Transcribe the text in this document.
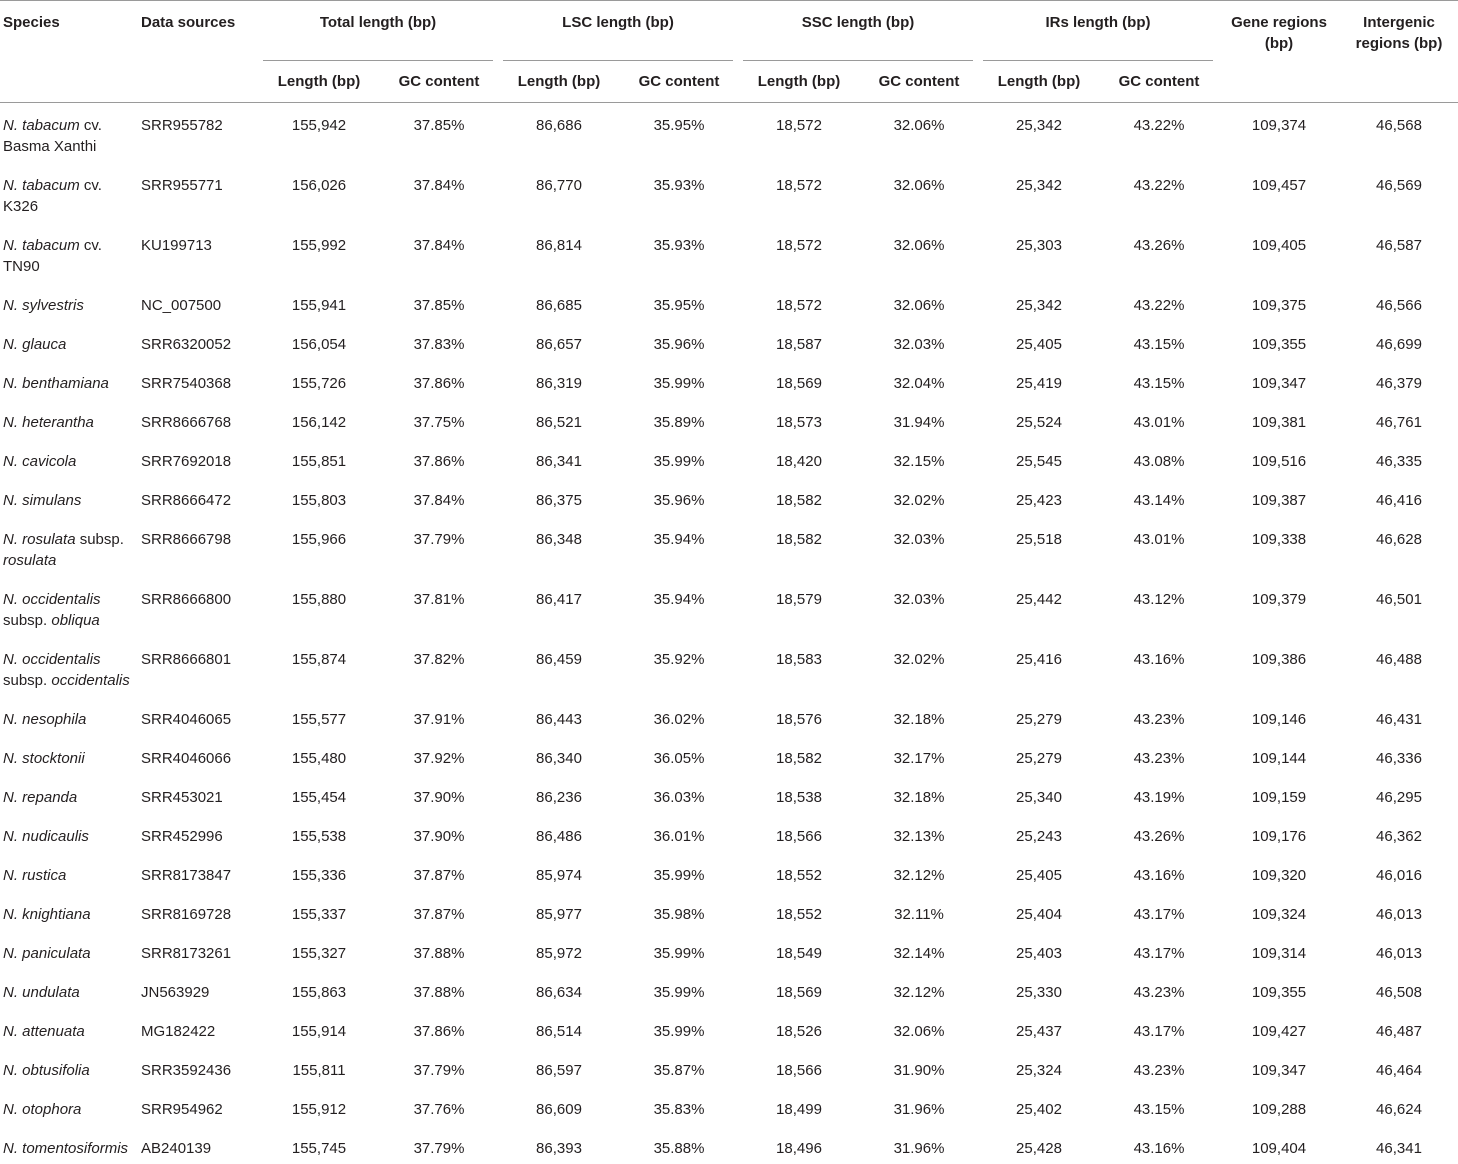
Species	Data sources	Total length (bp)		LSC length (bp)		SSC length (bp)		IRs length (bp)		Gene regions (bp)	Intergenic regions (bp)
		Length (bp)	GC content	Length (bp)	GC content	Length (bp)	GC content	Length (bp)	GC content		
N. tabacum cv. Basma Xanthi	SRR955782	155,942	37.85%	86,686	35.95%	18,572	32.06%	25,342	43.22%	109,374	46,568
N. tabacum cv. K326	SRR955771	156,026	37.84%	86,770	35.93%	18,572	32.06%	25,342	43.22%	109,457	46,569
N. tabacum cv. TN90	KU199713	155,992	37.84%	86,814	35.93%	18,572	32.06%	25,303	43.26%	109,405	46,587
N. sylvestris	NC_007500	155,941	37.85%	86,685	35.95%	18,572	32.06%	25,342	43.22%	109,375	46,566
N. glauca	SRR6320052	156,054	37.83%	86,657	35.96%	18,587	32.03%	25,405	43.15%	109,355	46,699
N. benthamiana	SRR7540368	155,726	37.86%	86,319	35.99%	18,569	32.04%	25,419	43.15%	109,347	46,379
N. heterantha	SRR8666768	156,142	37.75%	86,521	35.89%	18,573	31.94%	25,524	43.01%	109,381	46,761
N. cavicola	SRR7692018	155,851	37.86%	86,341	35.99%	18,420	32.15%	25,545	43.08%	109,516	46,335
N. simulans	SRR8666472	155,803	37.84%	86,375	35.96%	18,582	32.02%	25,423	43.14%	109,387	46,416
N. rosulata subsp. rosulata	SRR8666798	155,966	37.79%	86,348	35.94%	18,582	32.03%	25,518	43.01%	109,338	46,628
N. occidentalis subsp. obliqua	SRR8666800	155,880	37.81%	86,417	35.94%	18,579	32.03%	25,442	43.12%	109,379	46,501
N. occidentalis subsp. occidentalis	SRR8666801	155,874	37.82%	86,459	35.92%	18,583	32.02%	25,416	43.16%	109,386	46,488
N. nesophila	SRR4046065	155,577	37.91%	86,443	36.02%	18,576	32.18%	25,279	43.23%	109,146	46,431
N. stocktonii	SRR4046066	155,480	37.92%	86,340	36.05%	18,582	32.17%	25,279	43.23%	109,144	46,336
N. repanda	SRR453021	155,454	37.90%	86,236	36.03%	18,538	32.18%	25,340	43.19%	109,159	46,295
N. nudicaulis	SRR452996	155,538	37.90%	86,486	36.01%	18,566	32.13%	25,243	43.26%	109,176	46,362
N. rustica	SRR8173847	155,336	37.87%	85,974	35.99%	18,552	32.12%	25,405	43.16%	109,320	46,016
N. knightiana	SRR8169728	155,337	37.87%	85,977	35.98%	18,552	32.11%	25,404	43.17%	109,324	46,013
N. paniculata	SRR8173261	155,327	37.88%	85,972	35.99%	18,549	32.14%	25,403	43.17%	109,314	46,013
N. undulata	JN563929	155,863	37.88%	86,634	35.99%	18,569	32.12%	25,330	43.23%	109,355	46,508
N. attenuata	MG182422	155,914	37.86%	86,514	35.99%	18,526	32.06%	25,437	43.17%	109,427	46,487
N. obtusifolia	SRR3592436	155,811	37.79%	86,597	35.87%	18,566	31.90%	25,324	43.23%	109,347	46,464
N. otophora	SRR954962	155,912	37.76%	86,609	35.83%	18,499	31.96%	25,402	43.15%	109,288	46,624
N. tomentosiformis	AB240139	155,745	37.79%	86,393	35.88%	18,496	31.96%	25,428	43.16%	109,404	46,341
